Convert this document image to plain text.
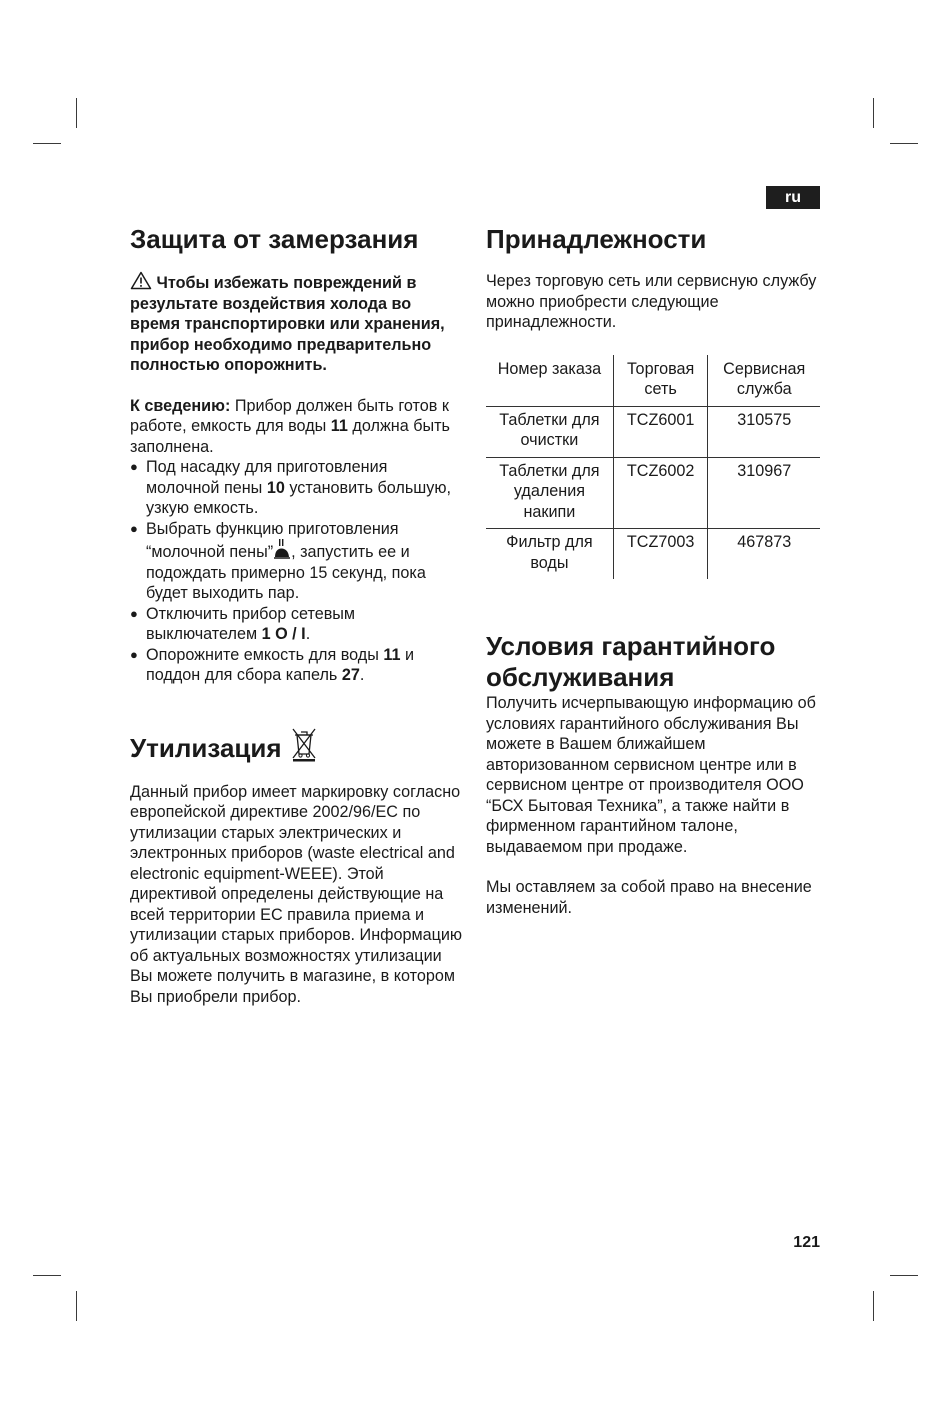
ru
Защита от замерзания

Чтобы избежать повреждений в результате воздействия холода во время транспортировки или хранения, прибор необходимо предварительно полностью опорожнить.

К сведению: Прибор должен быть готов к работе, емкость для воды 11 должна быть заполнена.

● Под насадку для приготовления молочной пены 10 установить большую, узкую емкость.
● Выбрать функцию приготовления “молочной пены” , запустить ее и подождать примерно 15 секунд, пока будет выходить пар.
● Отключить прибор сетевым выключателем 1 O / I.
● Опорожните емкость для воды 11 и поддон для сбора капель 27.
Утилизация

Данный прибор имеет маркировку согласно европейской директиве 2002/96/ЕС по утилизации старых электрических и электронных приборов (waste electrical and electronic equipment-WEEE). Этой директивой определены действующие на всей территории ЕС правила приема и утилизации старых приборов. Информацию об актуальных возможностях утилизации Вы можете получить в магазине, в котором Вы приобрели прибор.

Принадлежности

Через торговую сеть или сервисную службу можно приобрести следующие принадлежности.

Номер заказа	Торговая сеть	Сервисная служба
Таблетки для очистки	TCZ6001	310575
Таблетки для удаления накипи	TCZ6002	310967
Фильтр для воды	TCZ7003	467873
Условия гарантийного обслуживания

Получить исчерпывающую информацию об условиях гарантийного обслуживания Вы можете в Вашем ближайшем авторизованном сервисном центре или в сервисном центре от производителя ООО “БСХ Бытовая Техника”, а также найти в фирменном гарантийном талоне, выдаваемом при продаже.

Мы оставляем за собой право на внесение изменений.

121
